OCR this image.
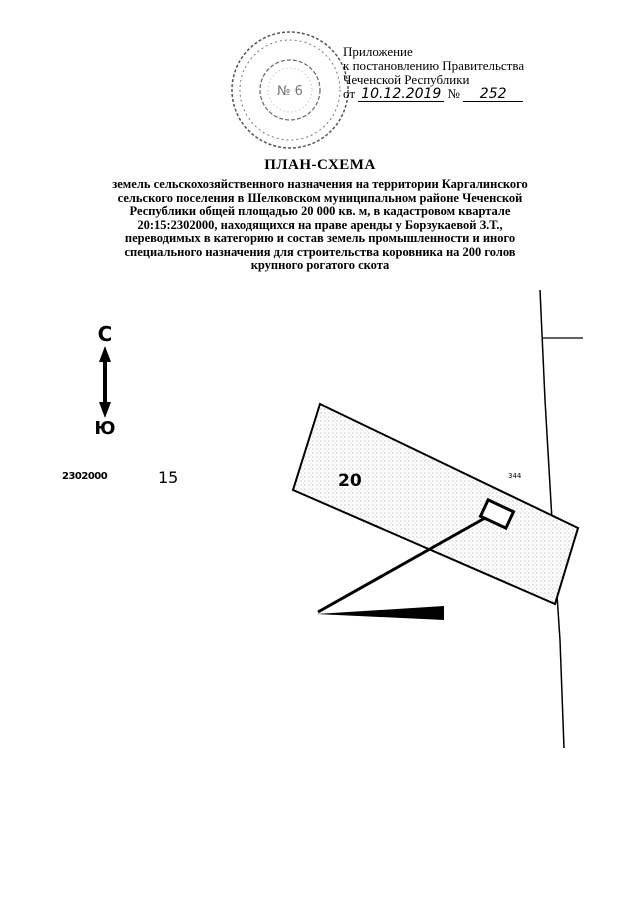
№ 6
Приложение
к постановлению Правительства
Чеченской Республики
от 10.12.2019 № 252
ПЛАН-СХЕМА
земель сельскохозяйственного назначения на территории Каргалинского
сельского поселения в Шелковском муниципальном районе Чеченской
Республики общей площадью 20 000 кв. м, в кадастровом квартале
20:15:2302000, находящихся на праве аренды у Борзукаевой З.Т.,
переводимых в категорию и состав земель промышленности и иного
специального назначения для строительства коровника на 200 голов
крупного рогатого скота
С
Ю
2302000	15	20	344
